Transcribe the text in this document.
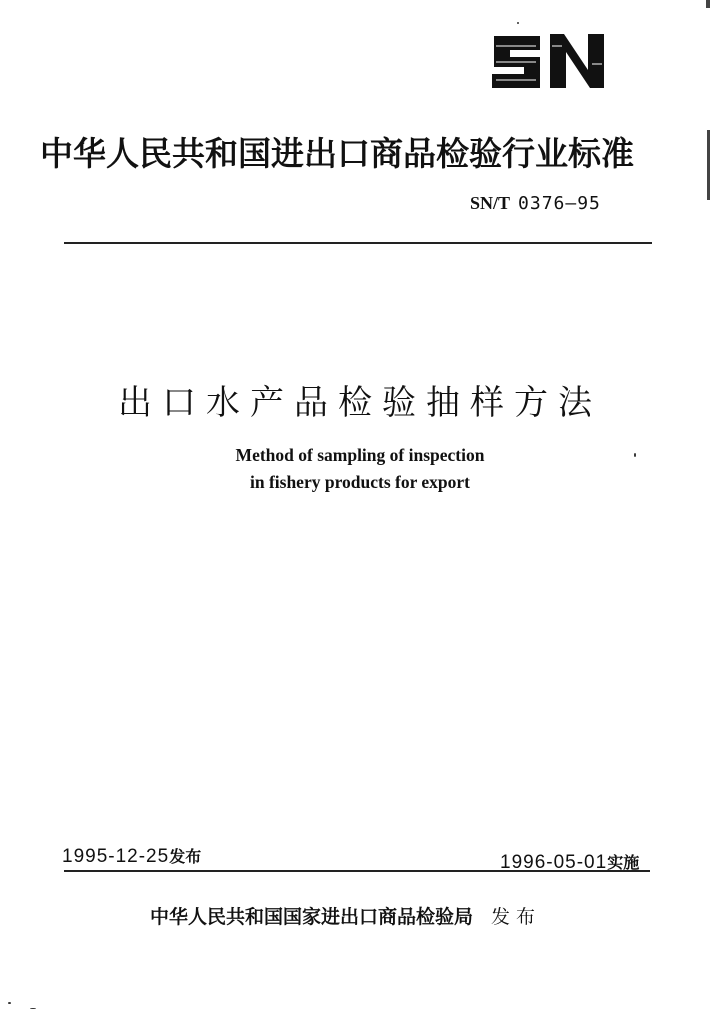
中华人民共和国进出口商品检验行业标准
SN/T 0376—95
出口水产品检验抽样方法
Method of sampling of inspection
in fishery products for export
1995-12-25发布	1996-05-01实施
中华人民共和国国家进出口商品检验局 发布
